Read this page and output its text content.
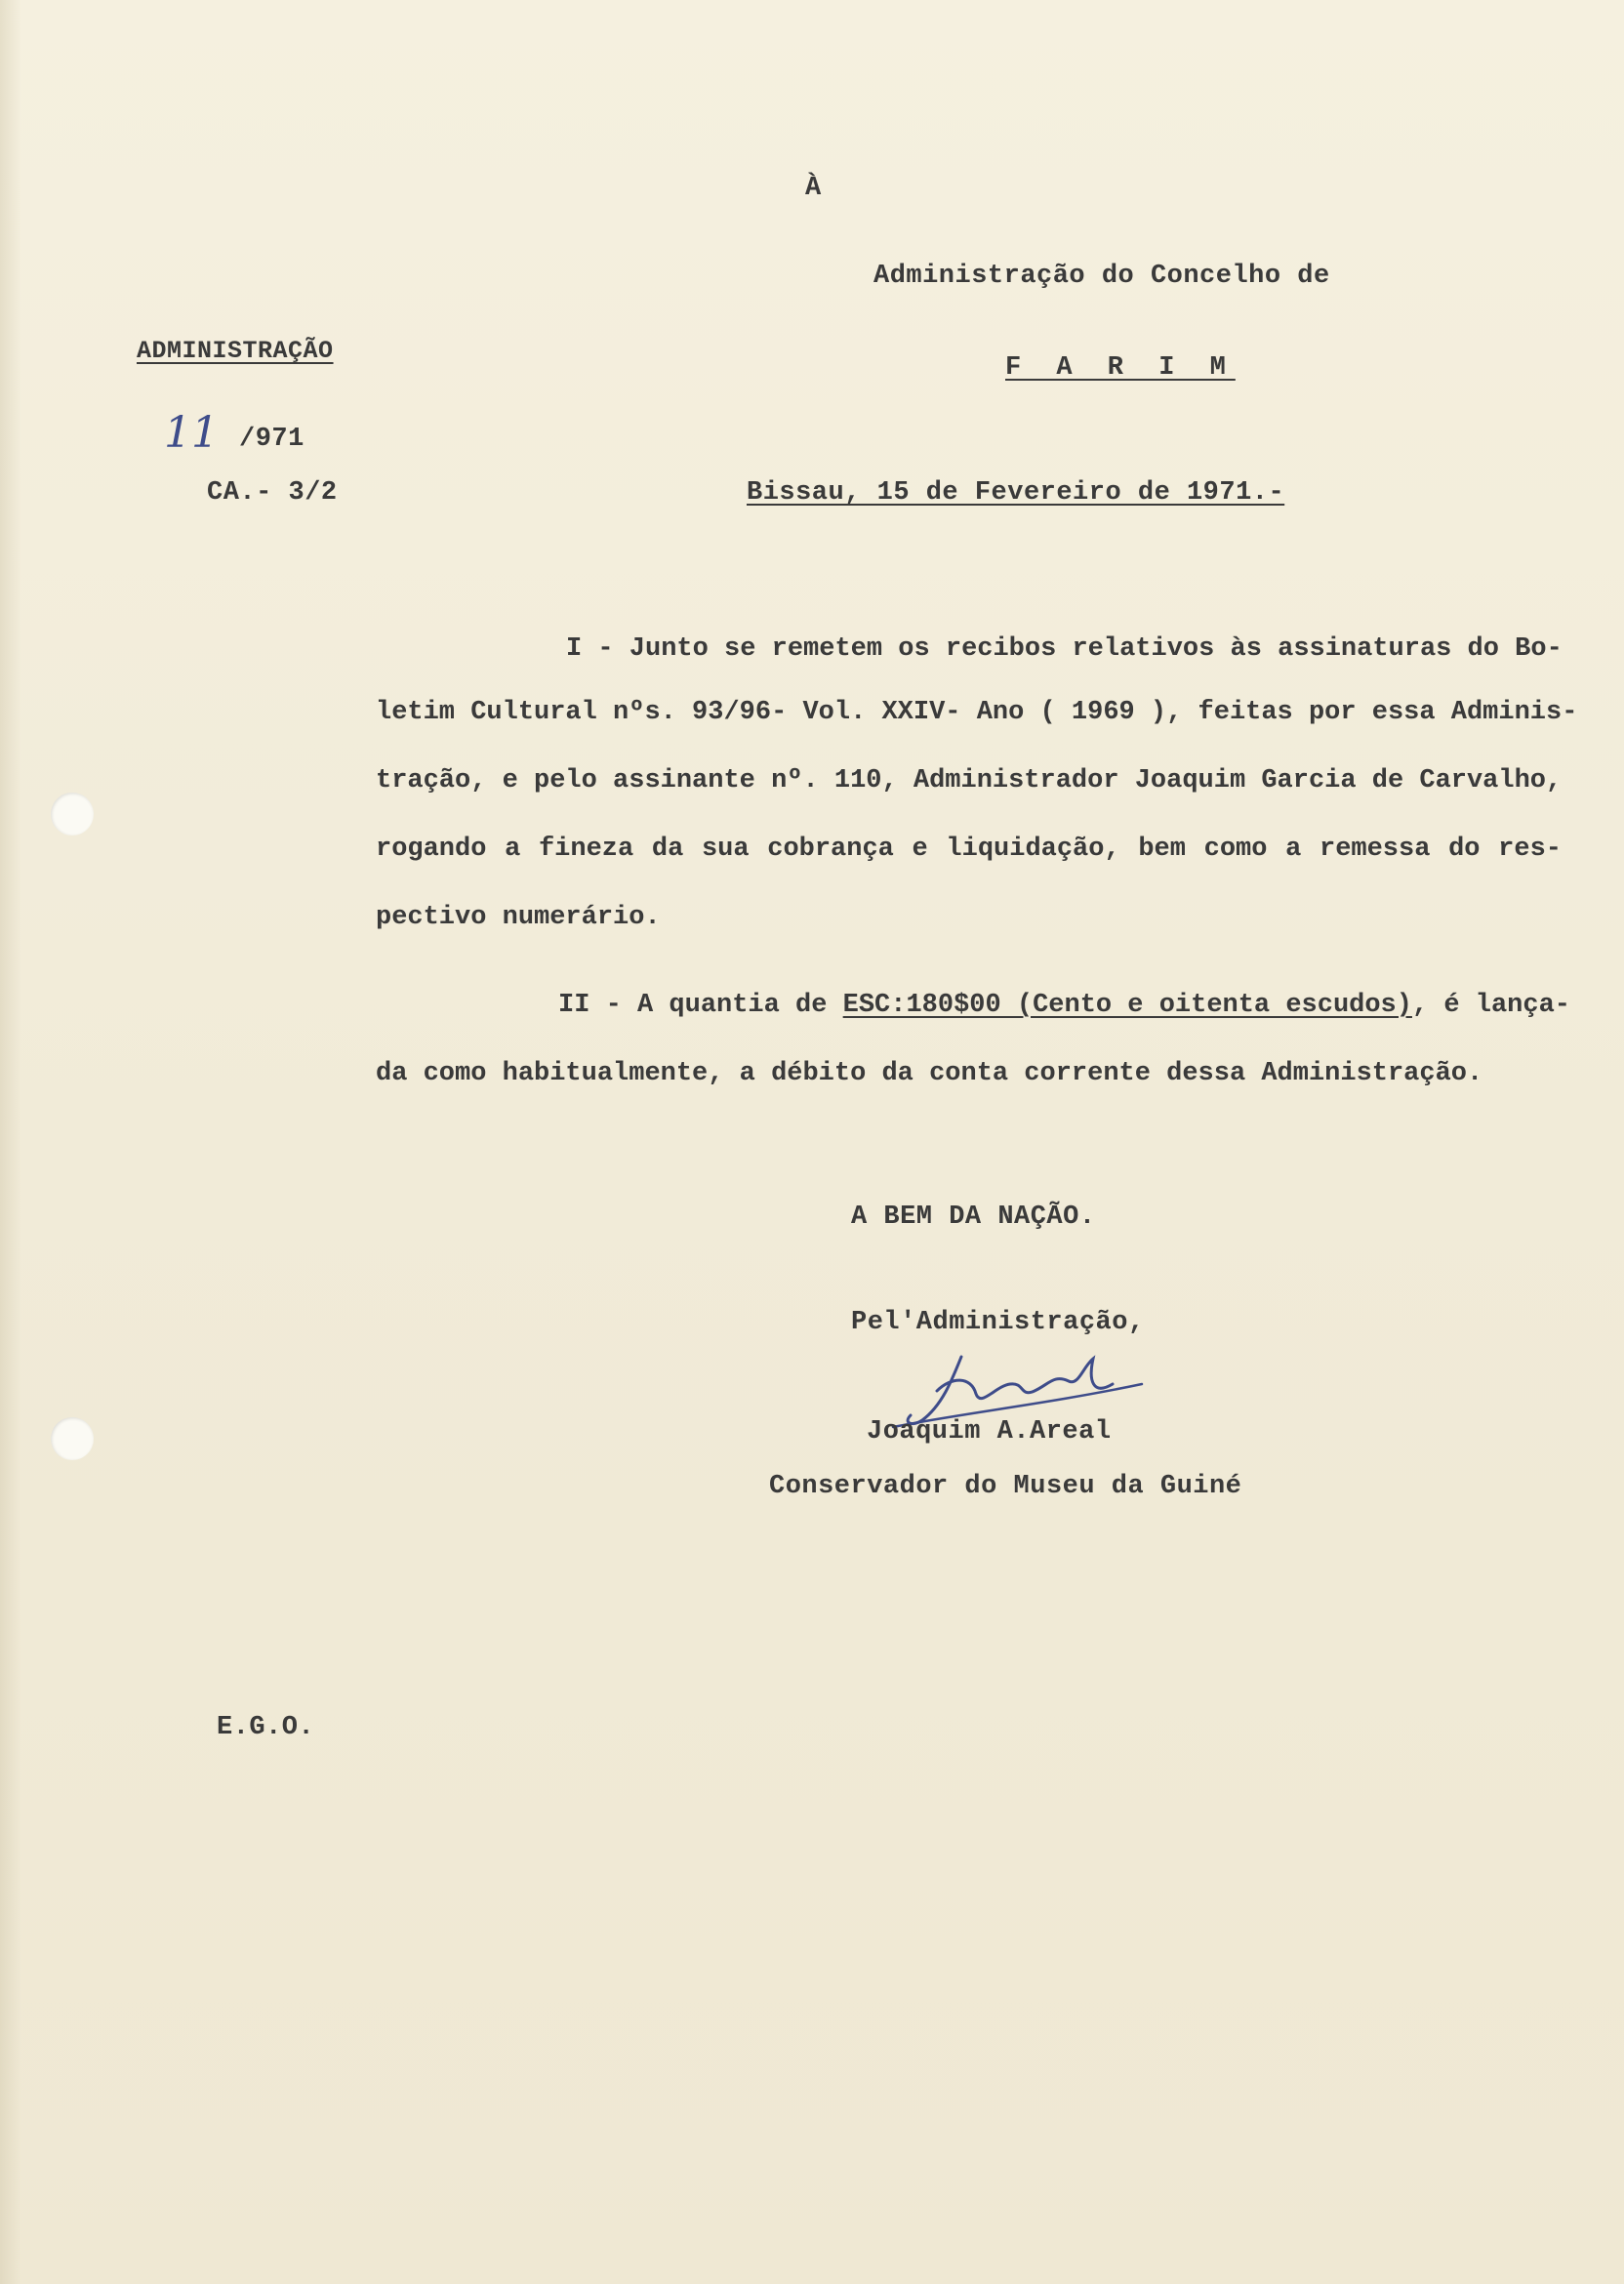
À
Administração do Concelho de
F A R I M
ADMINISTRAÇÃO
11 /971
CA.- 3/2	Bissau, 15 de Fevereiro de 1971.-
I - Junto se remetem os recibos relativos às assinaturas do Bo-
letim Cultural nºs. 93/96- Vol. XXIV- Ano ( 1969 ), feitas por essa Adminis-
tração, e pelo assinante nº. 110, Administrador Joaquim Garcia de Carvalho,
rogando a fineza da sua cobrança e liquidação, bem como a remessa do res-
pectivo numerário.
II - A quantia de ESC:180$00 (Cento e oitenta escudos), é lança-
da como habitualmente, a débito da conta corrente dessa Administração.
A BEM DA NAÇÃO.
Pel'Administração,
Joaquim A.Areal
Conservador do Museu da Guiné
E.G.O.
